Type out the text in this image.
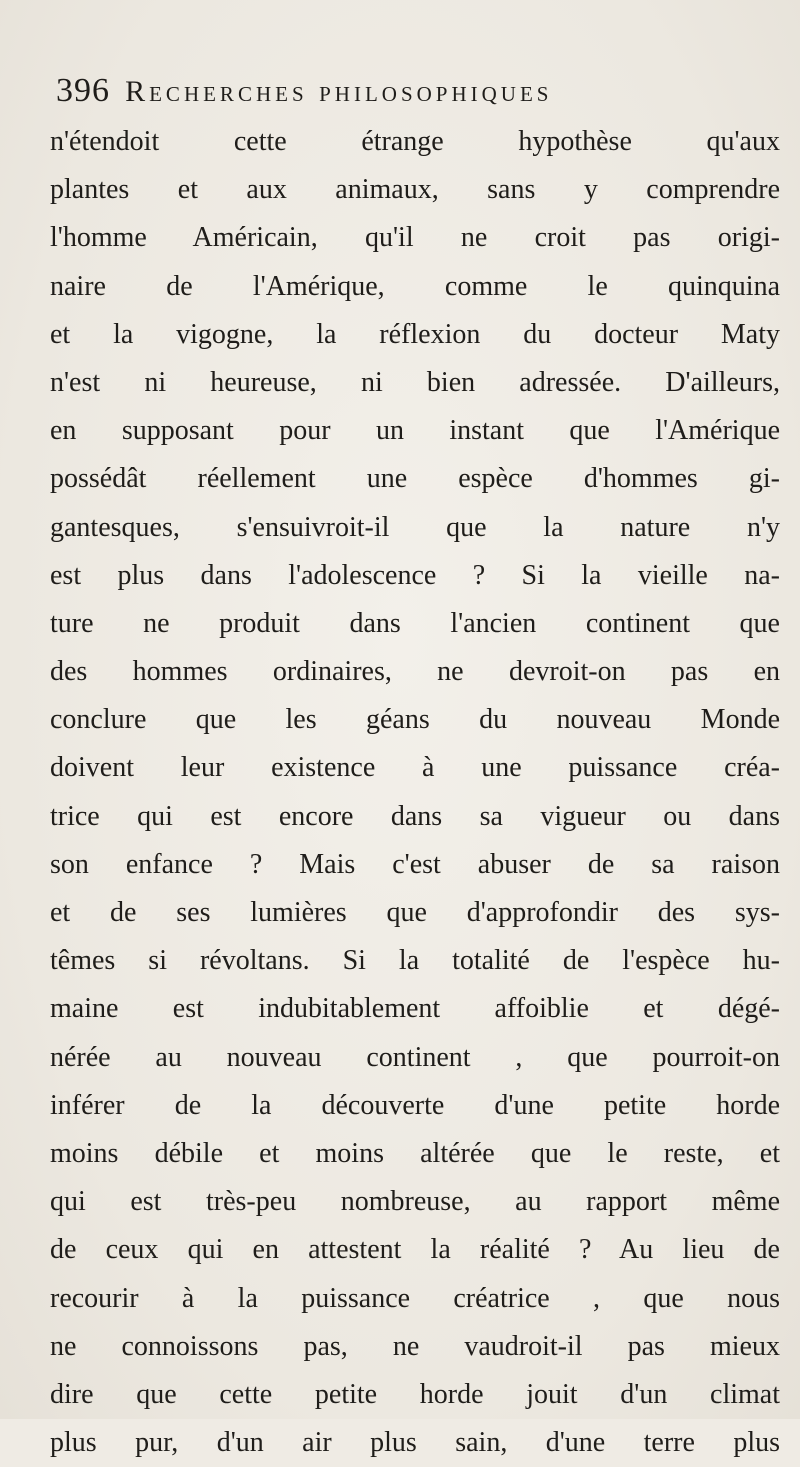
396 Recherches philosophiques
n'étendoit cette étrange hypothèse qu'aux
plantes et aux animaux, sans y comprendre
l'homme Américain, qu'il ne croit pas origi-
naire de l'Amérique, comme le quinquina
et la vigogne, la réflexion du docteur Maty
n'est ni heureuse, ni bien adressée. D'ailleurs,
en supposant pour un instant que l'Amérique
possédât réellement une espèce d'hommes gi-
gantesques, s'ensuivroit-il que la nature n'y
est plus dans l'adolescence ? Si la vieille na-
ture ne produit dans l'ancien continent que
des hommes ordinaires, ne devroit-on pas en
conclure que les géans du nouveau Monde
doivent leur existence à une puissance créa-
trice qui est encore dans sa vigueur ou dans
son enfance ? Mais c'est abuser de sa raison
et de ses lumières que d'approfondir des sys-
têmes si révoltans. Si la totalité de l'espèce hu-
maine est indubitablement affoiblie et dégé-
nérée au nouveau continent , que pourroit-on
inférer de la découverte d'une petite horde
moins débile et moins altérée que le reste, et
qui est très-peu nombreuse, au rapport même
de ceux qui en attestent la réalité ? Au lieu de
recourir à la puissance créatrice , que nous
ne connoissons pas, ne vaudroit-il pas mieux
dire que cette petite horde jouit d'un climat
plus pur, d'un air plus sain, d'une terre plus
